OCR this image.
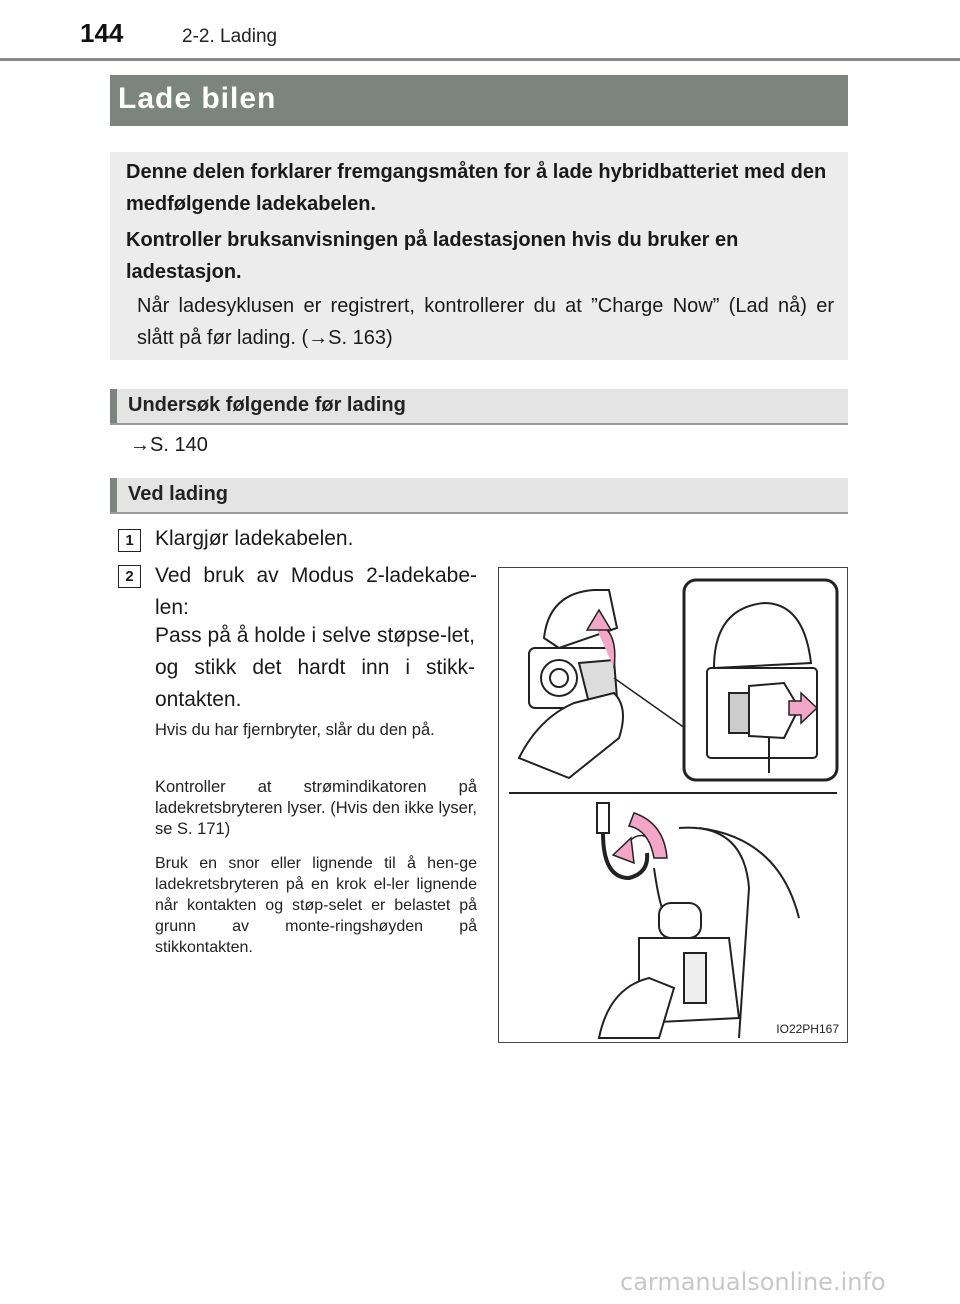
144	2-2. Lading
Lade bilen
Denne delen forklarer fremgangsmåten for å lade hybridbatteriet med den medfølgende ladekabelen.
Kontroller bruksanvisningen på ladestasjonen hvis du bruker en ladestasjon.
Når ladesyklusen er registrert, kontrollerer du at ”Charge Now” (Lad nå) er slått på før lading. (→S. 163)
Undersøk følgende før lading
→S. 140
Ved lading
1	Klargjør ladekabelen.
2	Ved bruk av Modus 2-ladekabe-len:
Pass på å holde i selve støpse-let, og stikk det hardt inn i stikk-ontakten.
Hvis du har fjernbryter, slår du den på.
Kontroller at strømindikatoren på ladekretsbryteren lyser. (Hvis den ikke lyser, se S. 171)
Bruk en snor eller lignende til å hen-ge ladekretsbryteren på en krok el-ler lignende når kontakten og støp-selet er belastet på grunn av monte-ringshøyden på stikkontakten.
IO22PH167
carmanualsonline.info
